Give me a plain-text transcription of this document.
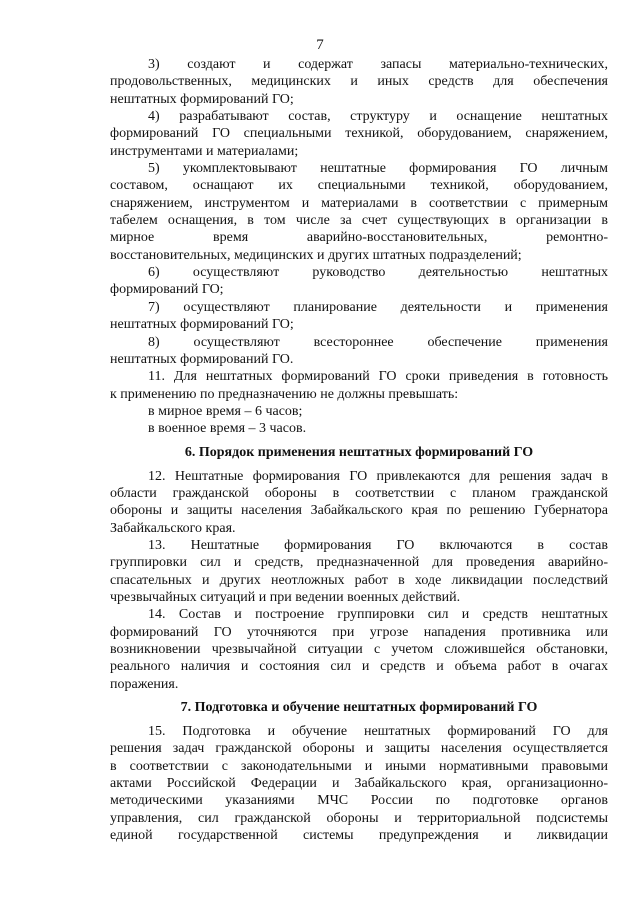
7
3) создают и содержат запасы материально-технических,
продовольственных, медицинских и иных средств для обеспечения
нештатных формирований ГО;
4) разрабатывают состав, структуру и оснащение нештатных
формирований ГО специальными техникой, оборудованием, снаряжением,
инструментами и материалами;
5) укомплектовывают нештатные формирования ГО личным
составом, оснащают их специальными техникой, оборудованием,
снаряжением, инструментом и материалами в соответствии с примерным
табелем оснащения, в том числе за счет существующих в организации в
мирное время аварийно-восстановительных, ремонтно-
восстановительных, медицинских и других штатных подразделений;
6) осуществляют руководство деятельностью нештатных
формирований ГО;
7) осуществляют планирование деятельности и применения
нештатных формирований ГО;
8) осуществляют всестороннее обеспечение применения
нештатных формирований ГО.
11. Для нештатных формирований ГО сроки приведения в готовность
к применению по предназначению не должны превышать:
в мирное время – 6 часов;
в военное время – 3 часов.
6. Порядок применения нештатных формирований ГО
12. Нештатные формирования ГО привлекаются для решения задач в
области гражданской обороны в соответствии с планом гражданской
обороны и защиты населения Забайкальского края по решению Губернатора
Забайкальского края.
13. Нештатные формирования ГО включаются в состав
группировки сил и средств, предназначенной для проведения аварийно-
спасательных и других неотложных работ в ходе ликвидации последствий
чрезвычайных ситуаций и при ведении военных действий.
14. Состав и построение группировки сил и средств нештатных
формирований ГО уточняются при угрозе нападения противника или
возникновении чрезвычайной ситуации с учетом сложившейся обстановки,
реального наличия и состояния сил и средств и объема работ в очагах
поражения.
7. Подготовка и обучение нештатных формирований ГО
15. Подготовка и обучение нештатных формирований ГО для
решения задач гражданской обороны и защиты населения осуществляется
в соответствии с законодательными и иными нормативными правовыми
актами Российской Федерации и Забайкальского края, организационно-
методическими указаниями МЧС России по подготовке органов
управления, сил гражданской обороны и территориальной подсистемы
единой государственной системы предупреждения и ликвидации
